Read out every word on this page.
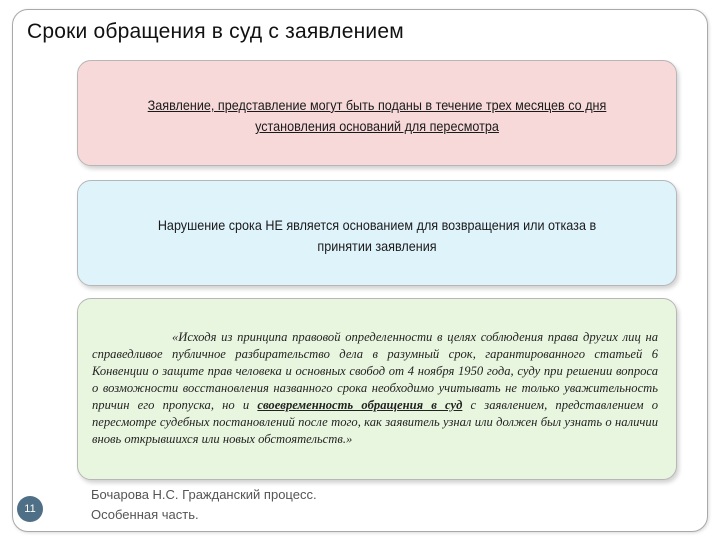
Сроки обращения в суд с заявлением
Заявление, представление могут быть поданы в течение трех месяцев со дня установления оснований для пересмотра
Нарушение срока НЕ является основанием для возвращения или отказа в принятии заявления

«Исходя из принципа правовой определенности в целях соблюдения права других лиц на справедливое публичное разбирательство дела в разумный срок, гарантированного статьей 6 Конвенции о защите прав человека и основных свобод от 4 ноября 1950 года, суду при решении вопроса о возможности восстановления названного срока необходимо учитывать не только уважительность причин его пропуска, но и своевременность обращения в суд с заявлением, представлением о пересмотре судебных постановлений после того, как заявитель узнал или должен был узнать о наличии вновь открывшихся или новых обстоятельств.»

11
Бочарова Н.С. Гражданский процесс.
Особенная часть.
